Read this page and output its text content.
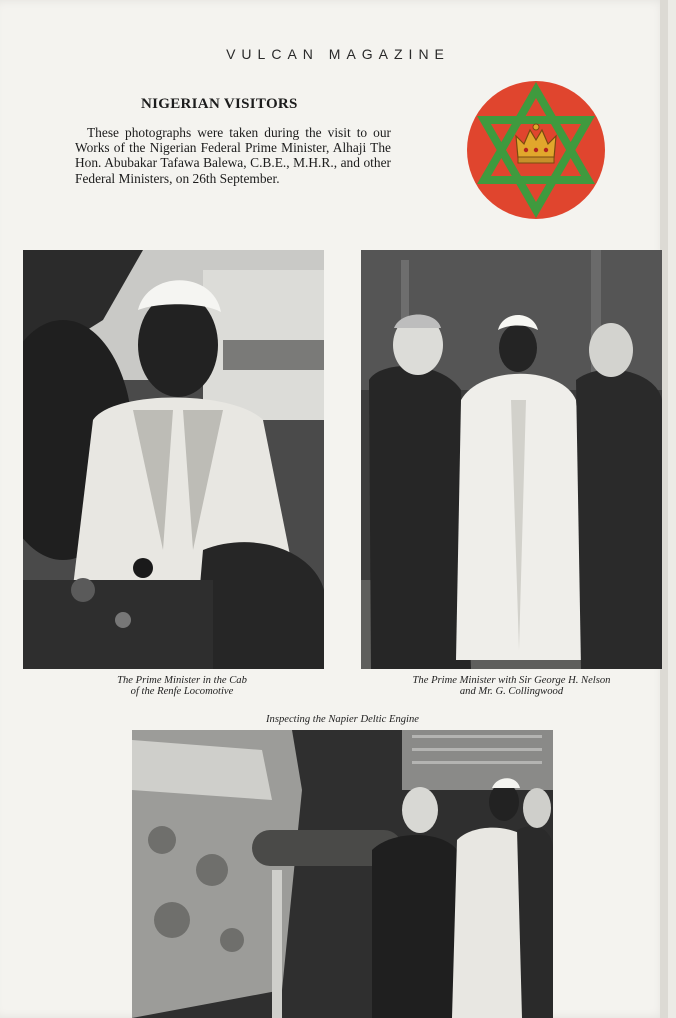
VULCAN MAGAZINE
NIGERIAN VISITORS
These photographs were taken during the visit to our Works of the Nigerian Federal Prime Minister, Alhaji The Hon. Abubakar Tafawa Balewa, C.B.E., M.H.R., and other Federal Ministers, on 26th September.
The Prime Minister in the Cab
of the Renfe Locomotive
The Prime Minister with Sir George H. Nelson
and Mr. G. Collingwood
Inspecting the Napier Deltic Engine
